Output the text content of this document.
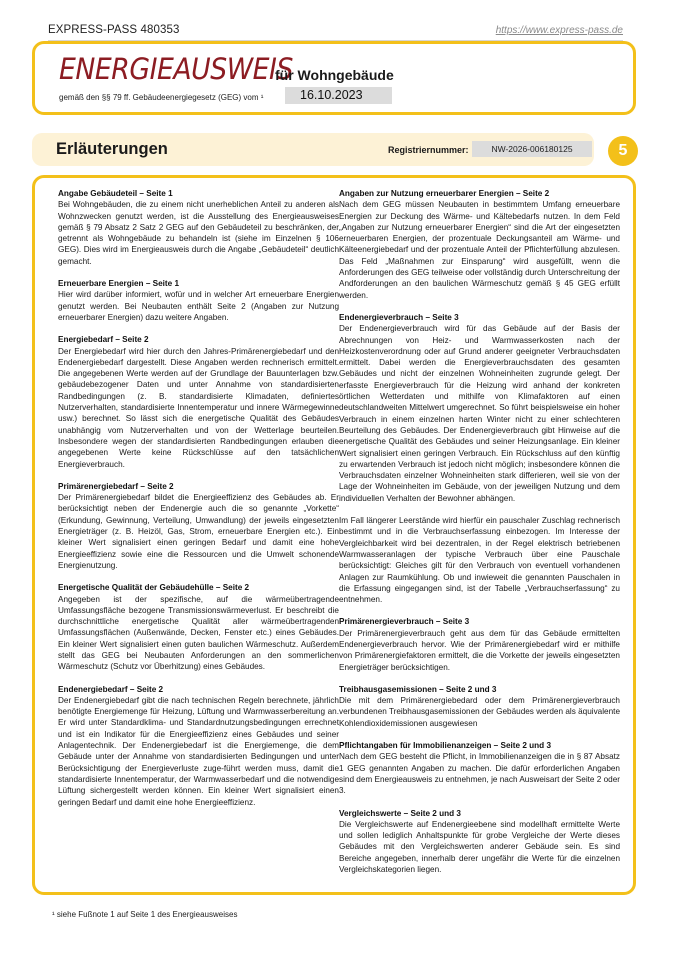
EXPRESS-PASS 480353	https://www.express-pass.de
ENERGIEAUSWEIS
für Wohngebäude
gemäß den §§ 79 ff. Gebäudeenergiegesetz (GEG) vom ¹	16.10.2023
Erläuterungen	Registriernummer:	NW-2026-006180125	5
Angabe Gebäudeteil – Seite 1

Bei Wohngebäuden, die zu einem nicht unerheblichen Anteil zu anderen als Wohnzwecken genutzt werden, ist die Ausstellung des Energieausweises gemäß § 79 Absatz 2 Satz 2 GEG auf den Gebäudeteil zu beschränken, der getrennt als Wohngebäude zu behandeln ist (siehe im Einzelnen § 106 GEG). Dies wird im Energieausweis durch die Angabe „Gebäudeteil“ deutlich gemacht.

Erneuerbare Energien – Seite 1

Hier wird darüber informiert, wofür und in welcher Art erneuerbare Energien genutzt werden. Bei Neubauten enthält Seite 2 (Angaben zur Nutzung erneuerbarer Energien) dazu weitere Angaben.

Energiebedarf – Seite 2

Der Energiebedarf wird hier durch den Jahres-Primärenergiebedarf und den Endenergiebedarf dargestellt. Diese Angaben werden rechnerisch ermittelt. Die angegebenen Werte werden auf der Grundlage der Bauunterlagen bzw. gebäudebezogener Daten und unter Annahme von standardisierten Randbedingungen (z. B. standardisierte Klimadaten, definiertes Nutzerverhalten, standardisierte Innentemperatur und innere Wärmegewinne usw.) berechnet. So lässt sich die energetische Qualität des Gebäudes unabhängig vom Nutzerverhalten und von der Wetterlage beurteilen. Insbesondere wegen der standardisierten Randbedingungen erlauben die angegebenen Werte keine Rückschlüsse auf den tatsächlichen Energieverbrauch.

Primärenergiebedarf – Seite 2

Der Primärenergiebedarf bildet die Energieeffizienz des Gebäudes ab. Er berücksichtigt neben der Endenergie auch die so genannte „Vorkette“ (Erkundung, Gewinnung, Verteilung, Umwandlung) der jeweils eingesetzten Energieträger (z. B. Heizöl, Gas, Strom, erneuerbare Energien etc.). Ein kleiner Wert signalisiert einen geringen Bedarf und damit eine hohe Energieeffizienz sowie eine die Ressourcen und die Umwelt schonende Energienutzung.

Energetische Qualität der Gebäudehülle – Seite 2

Angegeben ist der spezifische, auf die wärmeübertragende Umfassungsfläche bezogene Transmissionswärmeverlust. Er beschreibt die durchschnittliche energetische Qualität aller wärmeübertragenden Umfassungsflächen (Außenwände, Decken, Fenster etc.) eines Gebäudes. Ein kleiner Wert signalisiert einen guten baulichen Wärmeschutz. Außerdem stellt das GEG bei Neubauten Anforderungen an den sommerlichen Wärmeschutz (Schutz vor Überhitzung) eines Gebäudes.

Endenergiebedarf – Seite 2

Der Endenergiebedarf gibt die nach technischen Regeln berechnete, jährlich benötigte Energiemenge für Heizung, Lüftung und Warmwasserbereitung an. Er wird unter Standardklima- und Standardnutzungsbedingungen errechnet und ist ein Indikator für die Energieeffizienz eines Gebäudes und seiner Anlagentechnik. Der Endenergiebedarf ist die Energiemenge, die dem Gebäude unter der Annahme von standardisierten Bedingungen und unter Berücksichtigung der Energieverluste zuge-führt werden muss, damit die standardisierte Innentemperatur, der Warmwasserbedarf und die notwendige Lüftung sichergestellt werden können. Ein kleiner Wert signalisiert einen geringen Bedarf und damit eine hohe Energieeffizienz.

Angaben zur Nutzung erneuerbarer Energien – Seite 2

Nach dem GEG müssen Neubauten in bestimmtem Umfang erneuerbare Energien zur Deckung des Wärme- und Kältebedarfs nutzen. In dem Feld „Angaben zur Nutzung erneuerbarer Energien“ sind die Art der eingesetzten erneuerbaren Energien, der prozentuale Deckungsanteil am Wärme- und Kälteenergiebedarf und der prozentuale Anteil der Pflichterfüllung abzulesen. Das Feld „Maßnahmen zur Einsparung“ wird ausgefüllt, wenn die Anforderungen des GEG teilweise oder vollständig durch Unterschreitung der Andforderungen an den baulichen Wärmeschutz gemäß § 45 GEG erfüllt werden.

Endenergieverbrauch – Seite 3

Der Endenergieverbrauch wird für das Gebäude auf der Basis der Abrechnungen von Heiz- und Warmwasserkosten nach der Heizkostenverordnung oder auf Grund anderer geeigneter Verbrauchsdaten ermittelt. Dabei werden die Energieverbrauchsdaten des gesamten Gebäudes und nicht der einzelnen Wohneinheiten zugrunde gelegt. Der erfasste Energieverbrauch für die Heizung wird anhand der konkreten örtlichen Wetterdaten und mithilfe von Klimafaktoren auf einen deutschlandweiten Mittelwert umgerechnet. So führt beispielsweise ein hoher Verbrauch in einem einzelnen harten Winter nicht zu einer schlechteren Beurteilung des Gebäudes. Der Endenergieverbrauch gibt Hinweise auf die energetische Qualität des Gebäudes und seiner Heizungsanlage. Ein kleiner Wert signalisiert einen geringen Verbrauch. Ein Rückschluss auf den künftig zu erwartenden Verbrauch ist jedoch nicht möglich; insbesondere können die Verbrauchsdaten einzelner Wohneinheiten stark differieren, weil sie von der Lage der Wohneinheiten im Gebäude, von der jeweiligen Nutzung und dem individuellen Verhalten der Bewohner abhängen.

Im Fall längerer Leerstände wird hierfür ein pauschaler Zuschlag rechnerisch bestimmt und in die Verbrauchserfassung einbezogen. Im Interesse der Vergleichbarkeit wird bei dezentralen, in der Regel elektrisch betriebenen Warmwasseranlagen der typische Verbrauch über eine Pauschale berücksichtigt: Gleiches gilt für den Verbrauch von eventuell vorhandenen Anlagen zur Raumkühlung. Ob und inwieweit die genannten Pauschalen in die Erfassung eingegangen sind, ist der Tabelle „Verbrauchserfassung“ zu entnehmen.

Primärenergieverbrauch – Seite 3

Der Primärenergieverbrauch geht aus dem für das Gebäude ermittelten Endenergieverbrauch hervor. Wie der Primärenergiebedarf wird er mithilfe von Primärenergiefaktoren ermittelt, die die Vorkette der jeweils eingesetzten Energieträger berücksichtigen.

Treibhausgasemissionen – Seite 2 und 3

Die mit dem Primärenergiebedard oder dem Primärenergieverbrauch verbundenen Treibhausgasemissionen der Gebäudes werden als äquivalente Kohlendioxidemissionen ausgewiesen

Pflichtangaben für Immobilienanzeigen – Seite 2 und 3

Nach dem GEG besteht die Pflicht, in Immobilienanzeigen die in § 87 Absatz 1 GEG genannten Angaben zu machen. Die dafür erforderlichen Angaben sind dem Energieausweis zu entnehmen, je nach Ausweisart der Seite 2 oder 3.

Vergleichswerte – Seite 2 und 3

Die Vergleichswerte auf Endenergieebene sind modellhaft ermittelte Werte und sollen lediglich Anhaltspunkte für grobe Vergleiche der Werte dieses Gebäudes mit den Vergleichswerten anderer Gebäude sein. Es sind Bereiche angegeben, innerhalb derer ungefähr die Werte für die einzelnen Vergleichskategorien liegen.

¹ siehe Fußnote 1 auf Seite 1 des Energieausweises
